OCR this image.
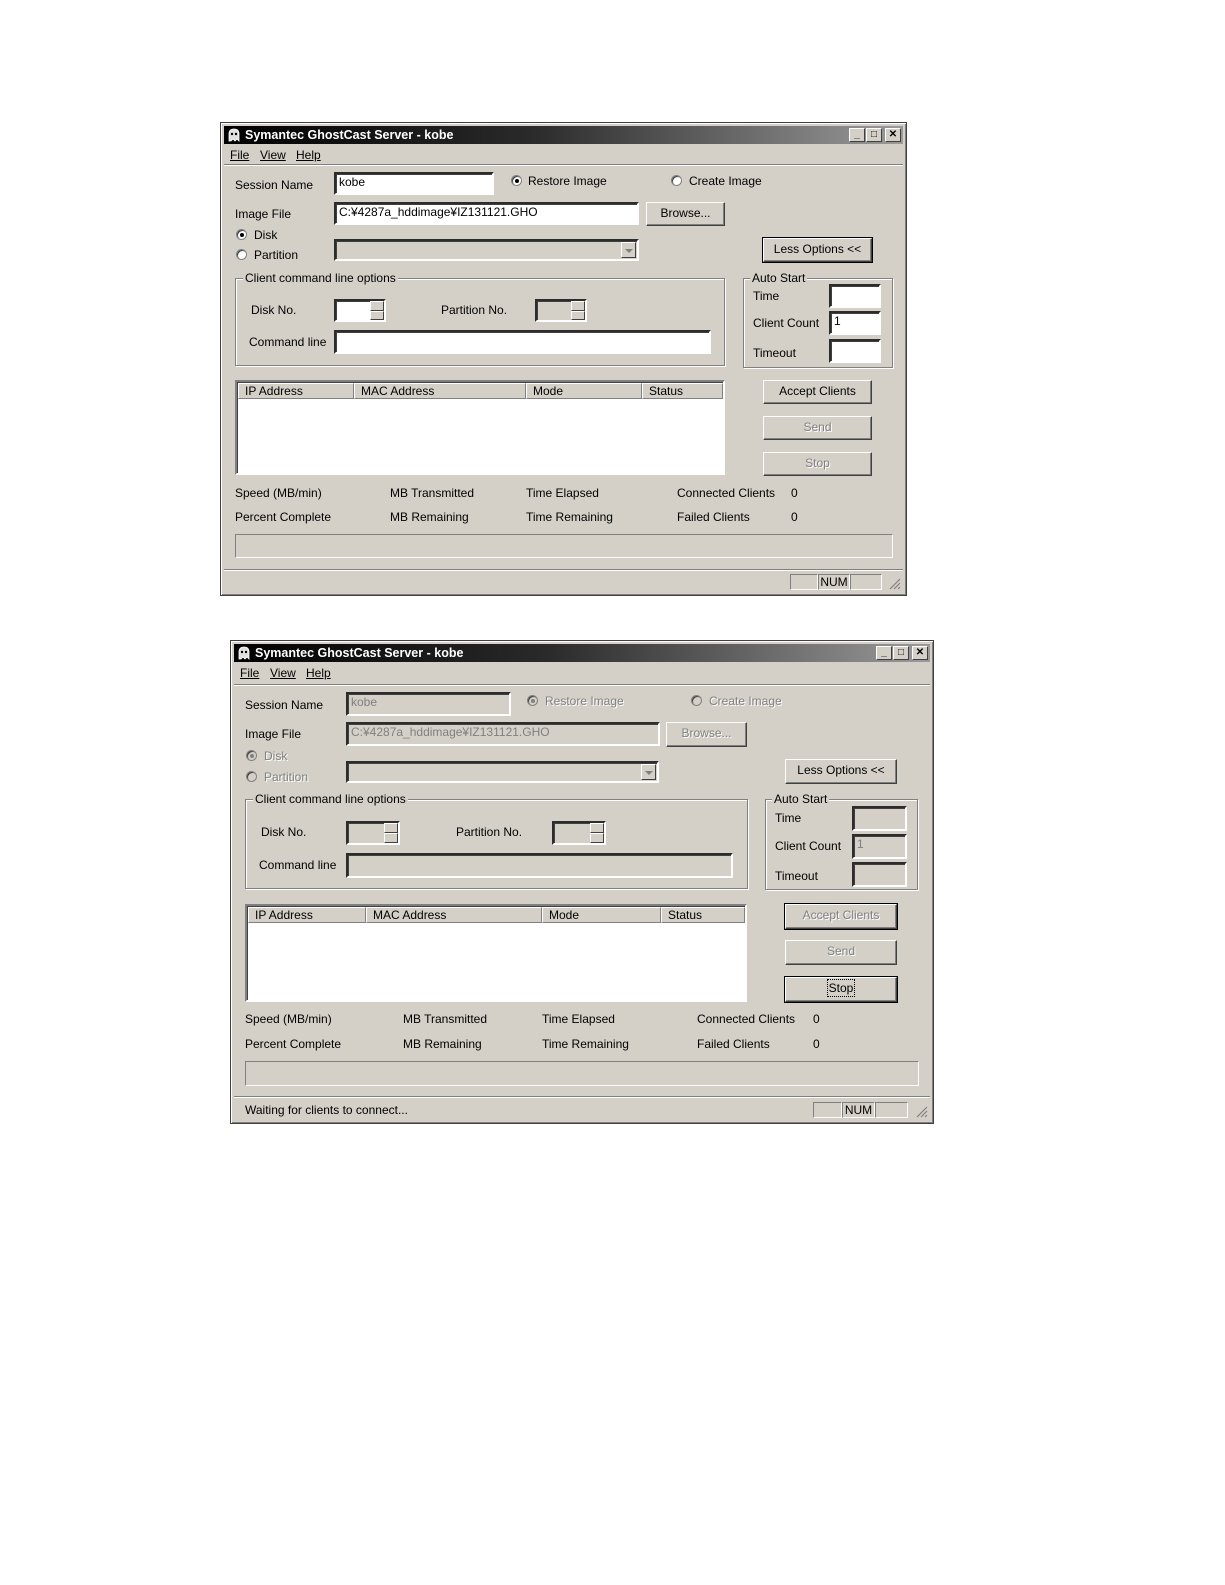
Symantec GhostCast Server - kobe	_	□	✕
File View Help
Session Name	kobe	Restore Image	Create Image
Image File	C:¥4287a_hddimage¥IZ131121.GHO	Browse...
Disk
Partition	Less Options <<
Client command line options
Disk No.	Partition No.
Command line
Auto Start
Time
Client Count	1
Timeout
IP Address	MAC Address	Mode	Status	Accept Clients
Send
Stop
Speed (MB/min)	MB Transmitted	Time Elapsed	Connected Clients 0
Percent Complete	MB Remaining	Time Remaining	Failed Clients	0
NUM
Symantec GhostCast Server - kobe	_	□	✕
File View Help
Session Name	kobe	Restore Image	Create Image
Image File	C:¥4287a_hddimage¥IZ131121.GHO	Browse...
Disk
Partition	Less Options <<
Client command line options
Disk No.	Partition No.
Command line
Auto Start
Time
Client Count	1
Timeout
IP Address	MAC Address	Mode	Status	Accept Clients
Send
Stop
Speed (MB/min)	MB Transmitted	Time Elapsed	Connected Clients 0
Percent Complete	MB Remaining	Time Remaining	Failed Clients	0
Waiting for clients to connect...	NUM
